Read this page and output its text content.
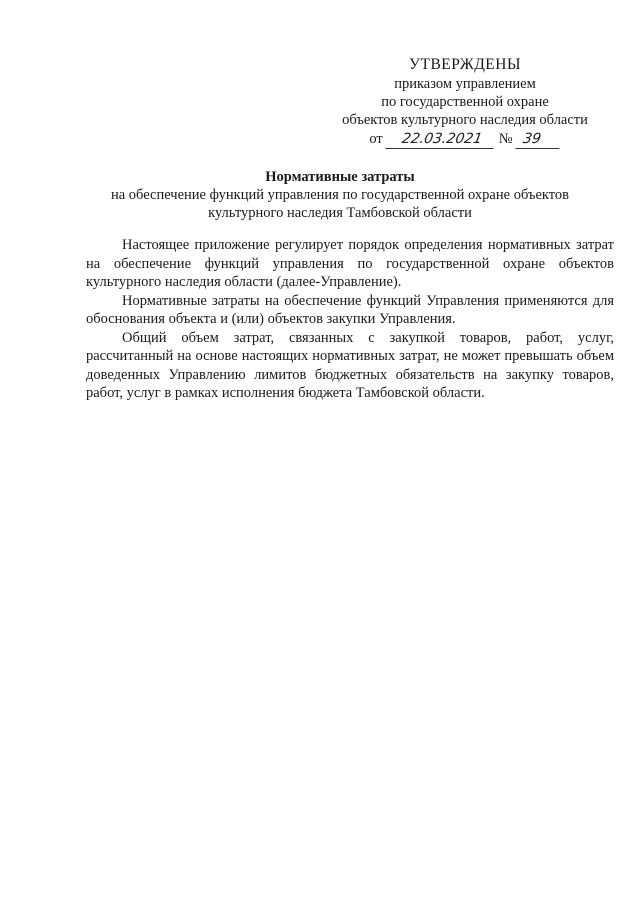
УТВЕРЖДЕНЫ
приказом управлением
по государственной охране
объектов культурного наследия области
от	22.03.2021	№ 39
Нормативные затраты
на обеспечение функций управления по государственной охране объектов
культурного наследия Тамбовской области

Настоящее приложение регулирует порядок определения нормативных затрат на обеспечение функций управления по государственной охране объектов культурного наследия области (далее-Управление).

Нормативные затраты на обеспечение функций Управления применяются для обоснования объекта и (или) объектов закупки Управления.

Общий объем затрат, связанных с закупкой товаров, работ, услуг, рассчитанный на основе настоящих нормативных затрат, не может превышать объем доведенных Управлению лимитов бюджетных обязательств на закупку товаров, работ, услуг в рамках исполнения бюджета Тамбовской области.
